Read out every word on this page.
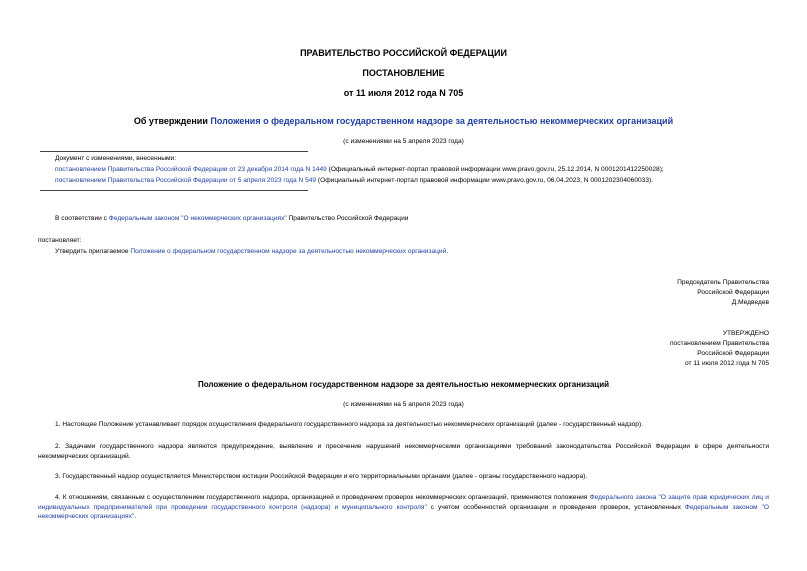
ПРАВИТЕЛЬСТВО РОССИЙСКОЙ ФЕДЕРАЦИИ
ПОСТАНОВЛЕНИЕ
от 11 июля 2012 года N 705
Об утверждении Положения о федеральном государственном надзоре за деятельностью некоммерческих организаций
(с изменениями на 5 апреля 2023 года)
Документ с изменениями, внесенными:
постановлением Правительства Российской Федерации от 23 декабря 2014 года N 1449 (Официальный интернет-портал правовой информации www.pravo.gov.ru, 25.12.2014, N 0001201412250028);
постановлением Правительства Российской Федерации от 5 апреля 2023 года N 549 (Официальный интернет-портал правовой информации www.pravo.gov.ru, 06.04.2023, N 0001202304060033).
В соответствии с Федеральным законом "О некоммерческих организациях" Правительство Российской Федерации
постановляет:
Утвердить прилагаемое Положение о федеральном государственном надзоре за деятельностью некоммерческих организаций.
Председатель Правительства
Российской Федерации
Д.Медведев
УТВЕРЖДЕНО
постановлением Правительства
Российской Федерации
от 11 июля 2012 года N 705
Положение о федеральном государственном надзоре за деятельностью некоммерческих организаций
(с изменениями на 5 апреля 2023 года)
1. Настоящее Положение устанавливает порядок осуществления федерального государственного надзора за деятельностью некоммерческих организаций (далее - государственный надзор).
2. Задачами государственного надзора являются предупреждение, выявление и пресечение нарушений некоммерческими организациями требований законодательства Российской Федерации в сфере деятельности некоммерческих организаций.
3. Государственный надзор осуществляется Министерством юстиции Российской Федерации и его территориальными органами (далее - органы государственного надзора).
4. К отношениям, связанным с осуществлением государственного надзора, организацией и проведением проверок некоммерческих организаций, применяются положения Федерального закона "О защите прав юридических лиц и индивидуальных предпринимателей при проведении государственного контроля (надзора) и муниципального контроля" с учетом особенностей организации и проведения проверок, установленных Федеральным законом "О некоммерческих организациях".
